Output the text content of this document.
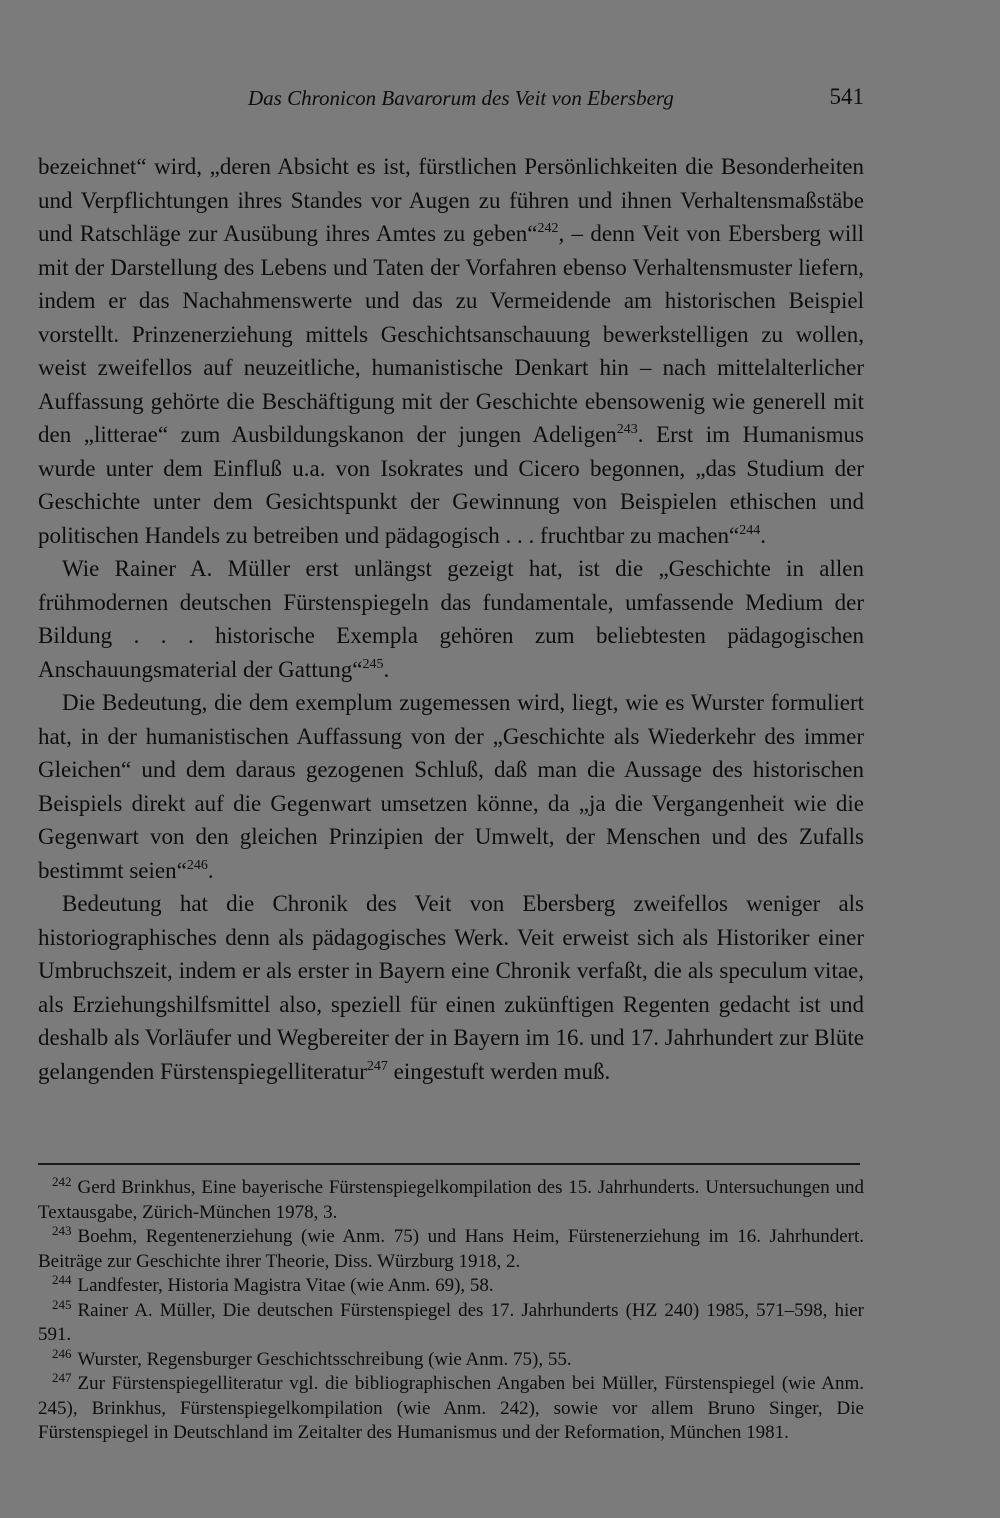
Das Chronicon Bavarorum des Veit von Ebersberg	541

bezeichnet“ wird, „deren Absicht es ist, fürstlichen Persönlichkeiten die Besonderheiten und Verpflichtungen ihres Standes vor Augen zu führen und ihnen Verhaltensmaßstäbe und Ratschläge zur Ausübung ihres Amtes zu geben“$^{242}$, – denn Veit von Ebersberg will mit der Darstellung des Lebens und Taten der Vorfahren ebenso Verhaltensmuster liefern, indem er das Nachahmenswerte und das zu Vermeidende am historischen Beispiel vorstellt. Prinzenerziehung mittels Geschichtsanschauung bewerkstelligen zu wollen, weist zweifellos auf neuzeitliche, humanistische Denkart hin – nach mittelalterlicher Auffassung gehörte die Beschäftigung mit der Geschichte ebensowenig wie generell mit den „litterae“ zum Ausbildungskanon der jungen Adeligen$^{243}$. Erst im Humanismus wurde unter dem Einfluß u.a. von Isokrates und Cicero begonnen, „das Studium der Geschichte unter dem Gesichtspunkt der Gewinnung von Beispielen ethischen und politischen Handels zu betreiben und pädagogisch . . . fruchtbar zu machen“$^{244}$.

Wie Rainer A. Müller erst unlängst gezeigt hat, ist die „Geschichte in allen frühmodernen deutschen Fürstenspiegeln das fundamentale, umfassende Medium der Bildung . . . historische Exempla gehören zum beliebtesten pädagogischen Anschauungsmaterial der Gattung“$^{245}$.

Die Bedeutung, die dem exemplum zugemessen wird, liegt, wie es Wurster formuliert hat, in der humanistischen Auffassung von der „Geschichte als Wiederkehr des immer Gleichen“ und dem daraus gezogenen Schluß, daß man die Aussage des historischen Beispiels direkt auf die Gegenwart umsetzen könne, da „ja die Vergangenheit wie die Gegenwart von den gleichen Prinzipien der Umwelt, der Menschen und des Zufalls bestimmt seien“$^{246}$.

Bedeutung hat die Chronik des Veit von Ebersberg zweifellos weniger als historiographisches denn als pädagogisches Werk. Veit erweist sich als Historiker einer Umbruchszeit, indem er als erster in Bayern eine Chronik verfaßt, die als speculum vitae, als Erziehungshilfsmittel also, speziell für einen zukünftigen Regenten gedacht ist und deshalb als Vorläufer und Wegbereiter der in Bayern im 16. und 17. Jahrhundert zur Blüte gelangenden Fürstenspiegelliteratur$^{247}$ eingestuft werden muß.

$^{242}$ Gerd Brinkhus, Eine bayerische Fürstenspiegelkompilation des 15. Jahrhunderts. Untersuchungen und Textausgabe, Zürich-München 1978, 3.

$^{243}$ Boehm, Regentenerziehung (wie Anm. 75) und Hans Heim, Fürstenerziehung im 16. Jahrhundert. Beiträge zur Geschichte ihrer Theorie, Diss. Würzburg 1918, 2.

$^{244}$ Landfester, Historia Magistra Vitae (wie Anm. 69), 58.

$^{245}$ Rainer A. Müller, Die deutschen Fürstenspiegel des 17. Jahrhunderts (HZ 240) 1985, 571–598, hier 591.

$^{246}$ Wurster, Regensburger Geschichtsschreibung (wie Anm. 75), 55.

$^{247}$ Zur Fürstenspiegelliteratur vgl. die bibliographischen Angaben bei Müller, Fürstenspiegel (wie Anm. 245), Brinkhus, Fürstenspiegelkompilation (wie Anm. 242), sowie vor allem Bruno Singer, Die Fürstenspiegel in Deutschland im Zeitalter des Humanismus und der Reformation, München 1981.
